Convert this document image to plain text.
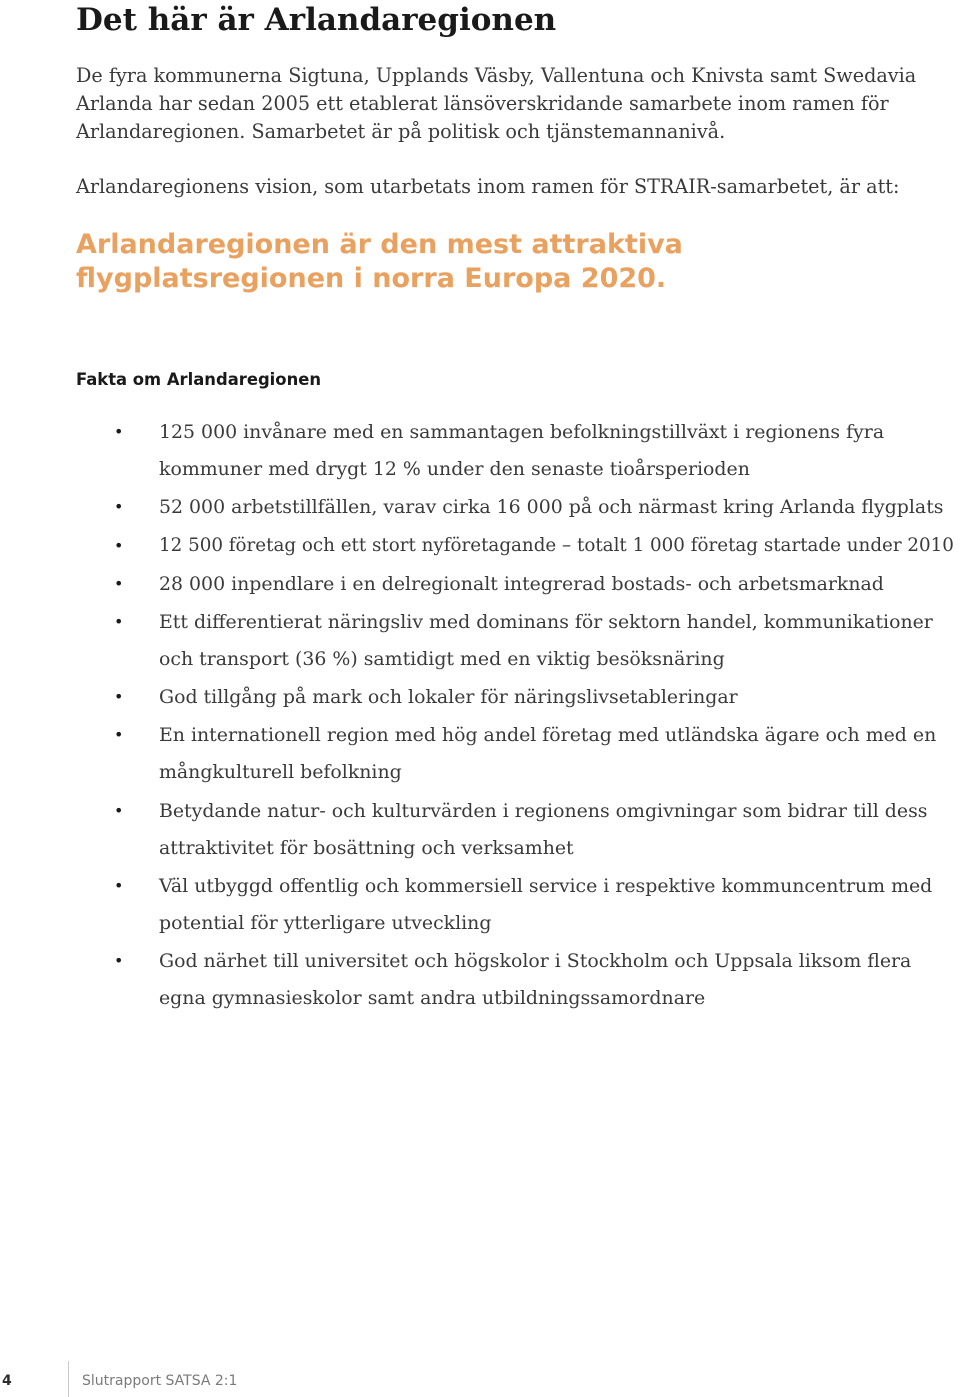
Det här är Arlandaregionen

De fyra kommunerna Sigtuna, Upplands Väsby, Vallentuna och Knivsta samt Swedavia
Arlanda har sedan 2005 ett etablerat länsöverskridande samarbete inom ramen för
Arlandaregionen. Samarbetet är på politisk och tjänstemannanivå.

Arlandaregionens vision, som utarbetats inom ramen för STRAIR-samarbetet, är att:

Arlandaregionen är den mest attraktiva
flygplatsregionen i norra Europa 2020.

Fakta om Arlandaregionen
• 125 000 invånare med en sammantagen befolkningstillväxt i regionens fyra
kommuner med drygt 12 % under den senaste tioårsperioden
• 52 000 arbetstillfällen, varav cirka 16 000 på och närmast kring Arlanda flygplats
• 12 500 företag och ett stort nyföretagande – totalt 1 000 företag startade under 2010
• 28 000 inpendlare i en delregionalt integrerad bostads- och arbetsmarknad
• Ett differentierat näringsliv med dominans för sektorn handel, kommunikationer
och transport (36 %) samtidigt med en viktig besöksnäring
• God tillgång på mark och lokaler för näringslivsetableringar
• En internationell region med hög andel företag med utländska ägare och med en
mångkulturell befolkning
• Betydande natur- och kulturvärden i regionens omgivningar som bidrar till dess
attraktivitet för bosättning och verksamhet
• Väl utbyggd offentlig och kommersiell service i respektive kommuncentrum med
potential för ytterligare utveckling
• God närhet till universitet och högskolor i Stockholm och Uppsala liksom flera
egna gymnasieskolor samt andra utbildningssamordnare
4	Slutrapport SATSA 2:1
